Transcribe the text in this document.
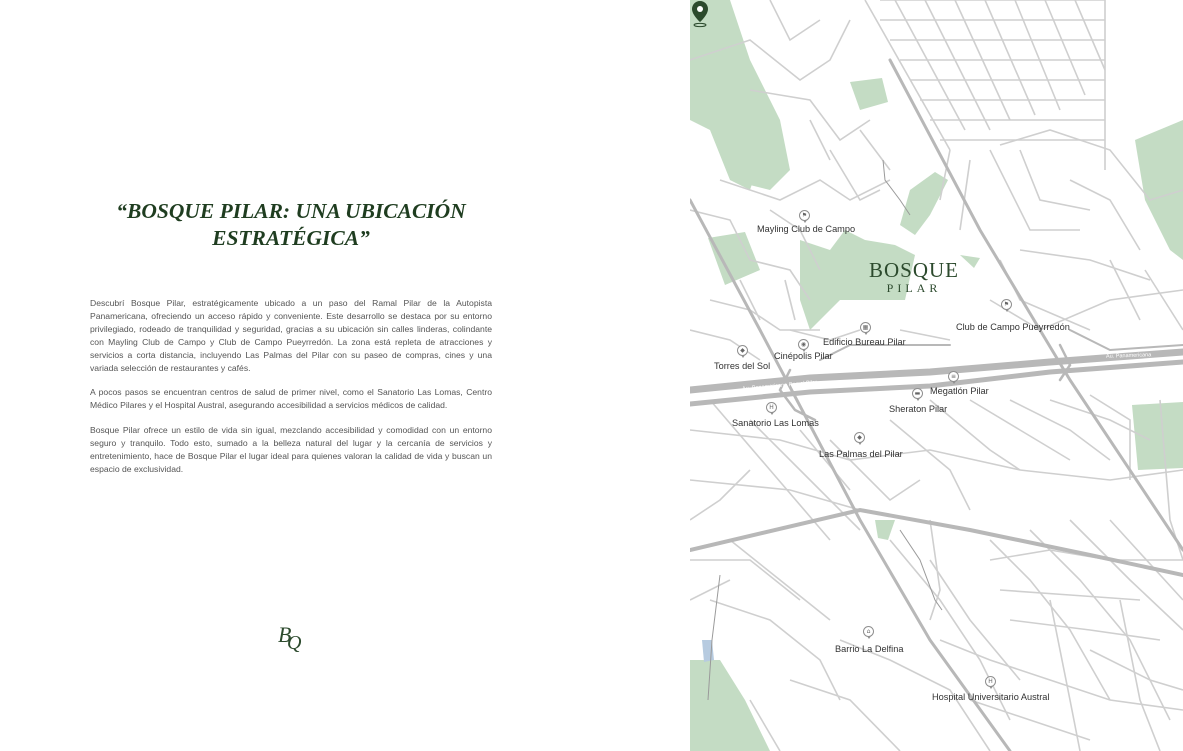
“BOSQUE PILAR: UNA UBICACIÓN ESTRATÉGICA”

Descubrí Bosque Pilar, estratégicamente ubicado a un paso del Ramal Pilar de la Autopista Panamericana, ofreciendo un acceso rápido y conveniente. Este desarrollo se destaca por su entorno privilegiado, rodeado de tranquilidad y seguridad, gracias a su ubicación sin calles linderas, colindante con Mayling Club de Campo y Club de Campo Pueyrredón. La zona está repleta de atracciones y servicios a corta distancia, incluyendo Las Palmas del Pilar con su paseo de compras, cines y una variada selección de restaurantes y cafés.

A pocos pasos se encuentran centros de salud de primer nivel, como el Sanatorio Las Lomas, Centro Médico Pilares y el Hospital Austral, asegurando accesibilidad a servicios médicos de calidad.

Bosque Pilar ofrece un estilo de vida sin igual, mezclando accesibilidad y comodidad con un entorno seguro y tranquilo. Todo esto, sumado a la belleza natural del lugar y la cercanía de servicios y entretenimiento, hace de Bosque Pilar el lugar ideal para quienes valoran la calidad de vida y buscan un espacio de exclusividad.

B
Q
Au. Panamericana
Au. Panamericana Ramal Pilar
BOSQUE
PILAR
⚑
Mayling Club de Campo
⚑
Club de Campo Pueyrredón
▦
Edificio Bureau Pilar
◉
Cinépolis Pilar
◆
Torres del Sol
≡
Megatlón Pilar
▬
Sheraton Pilar
H
Sanatorio Las Lomas
◆
Las Palmas del Pilar
⌂
Barrio La Delfina
H
Hospital Universitario Austral
